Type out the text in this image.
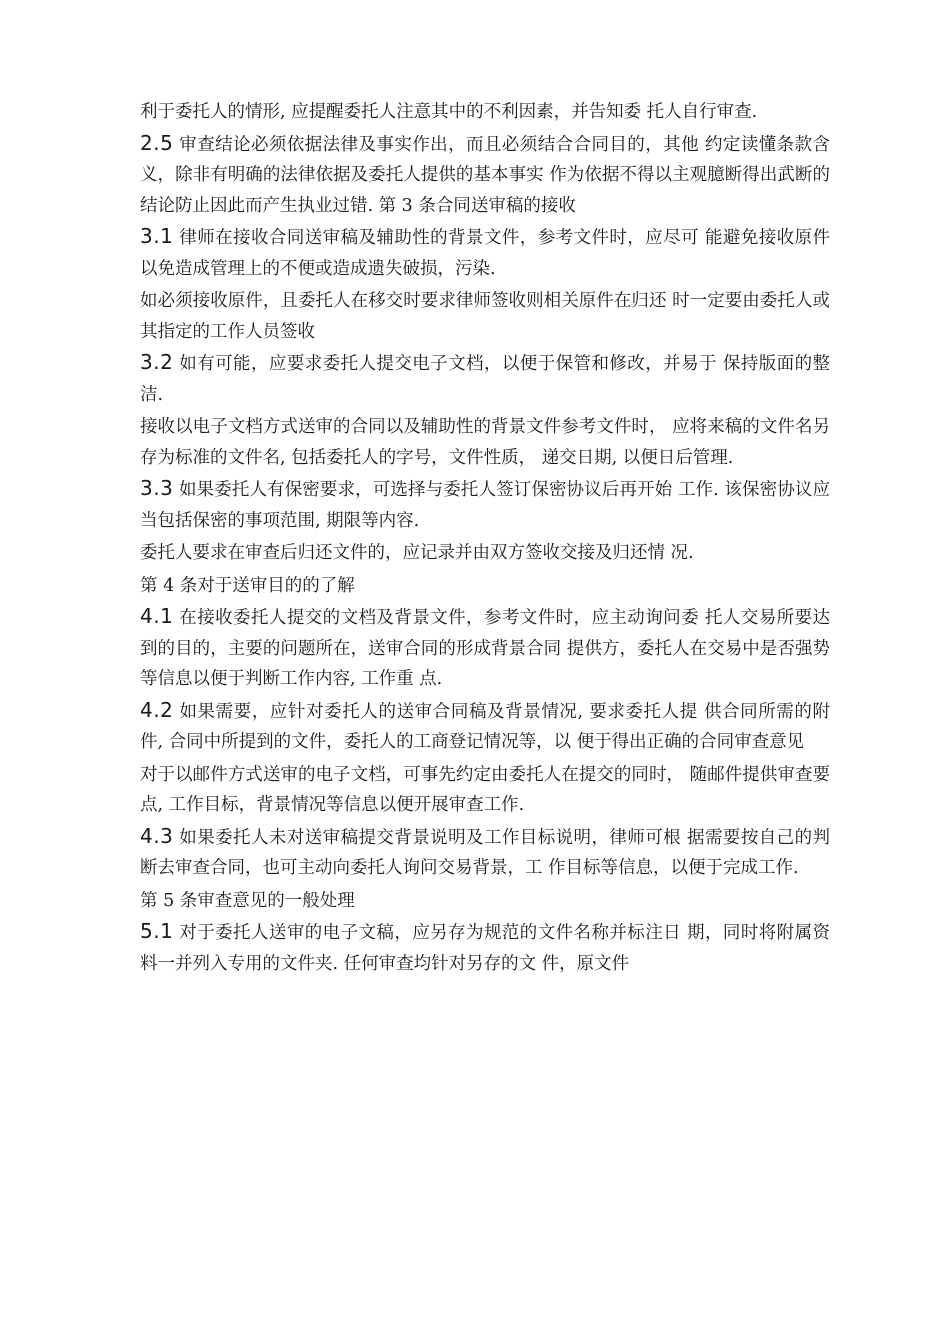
利于委托人的情形, 应提醒委托人注意其中的不利因素，并告知委 托人自行审查.

2.5 审查结论必须依据法律及事实作出，而且必须结合合同目的，其他 约定读懂条款含义，除非有明确的法律依据及委托人提供的基本事实 作为依据不得以主观臆断得出武断的结论防止因此而产生执业过错. 第 3 条合同送审稿的接收

3.1 律师在接收合同送审稿及辅助性的背景文件，参考文件时，应尽可 能避免接收原件以免造成管理上的不便或造成遗失破损，污染.

如必须接收原件，且委托人在移交时要求律师签收则相关原件在归还 时一定要由委托人或其指定的工作人员签收

3.2 如有可能，应要求委托人提交电子文档，以便于保管和修改，并易于 保持版面的整洁.

接收以电子文档方式送审的合同以及辅助性的背景文件参考文件时， 应将来稿的文件名另存为标准的文件名, 包括委托人的字号，文件性质， 递交日期, 以便日后管理.

3.3 如果委托人有保密要求，可选择与委托人签订保密协议后再开始 工作. 该保密协议应当包括保密的事项范围, 期限等内容.

委托人要求在审查后归还文件的，应记录并由双方签收交接及归还情 况.

第 4 条对于送审目的的了解

4.1 在接收委托人提交的文档及背景文件，参考文件时，应主动询问委 托人交易所要达到的目的，主要的问题所在，送审合同的形成背景合同 提供方，委托人在交易中是否强势等信息以便于判断工作内容, 工作重 点.

4.2 如果需要，应针对委托人的送审合同稿及背景情况, 要求委托人提 供合同所需的附件, 合同中所提到的文件，委托人的工商登记情况等，以 便于得出正确的合同审查意见

对于以邮件方式送审的电子文档，可事先约定由委托人在提交的同时， 随邮件提供审查要点, 工作目标，背景情况等信息以便开展审查工作.

4.3 如果委托人未对送审稿提交背景说明及工作目标说明，律师可根 据需要按自己的判断去审查合同，也可主动向委托人询问交易背景，工 作目标等信息，以便于完成工作.

第 5 条审查意见的一般处理

5.1 对于委托人送审的电子文稿，应另存为规范的文件名称并标注日 期，同时将附属资料一并列入专用的文件夹. 任何审查均针对另存的文 件，原文件
